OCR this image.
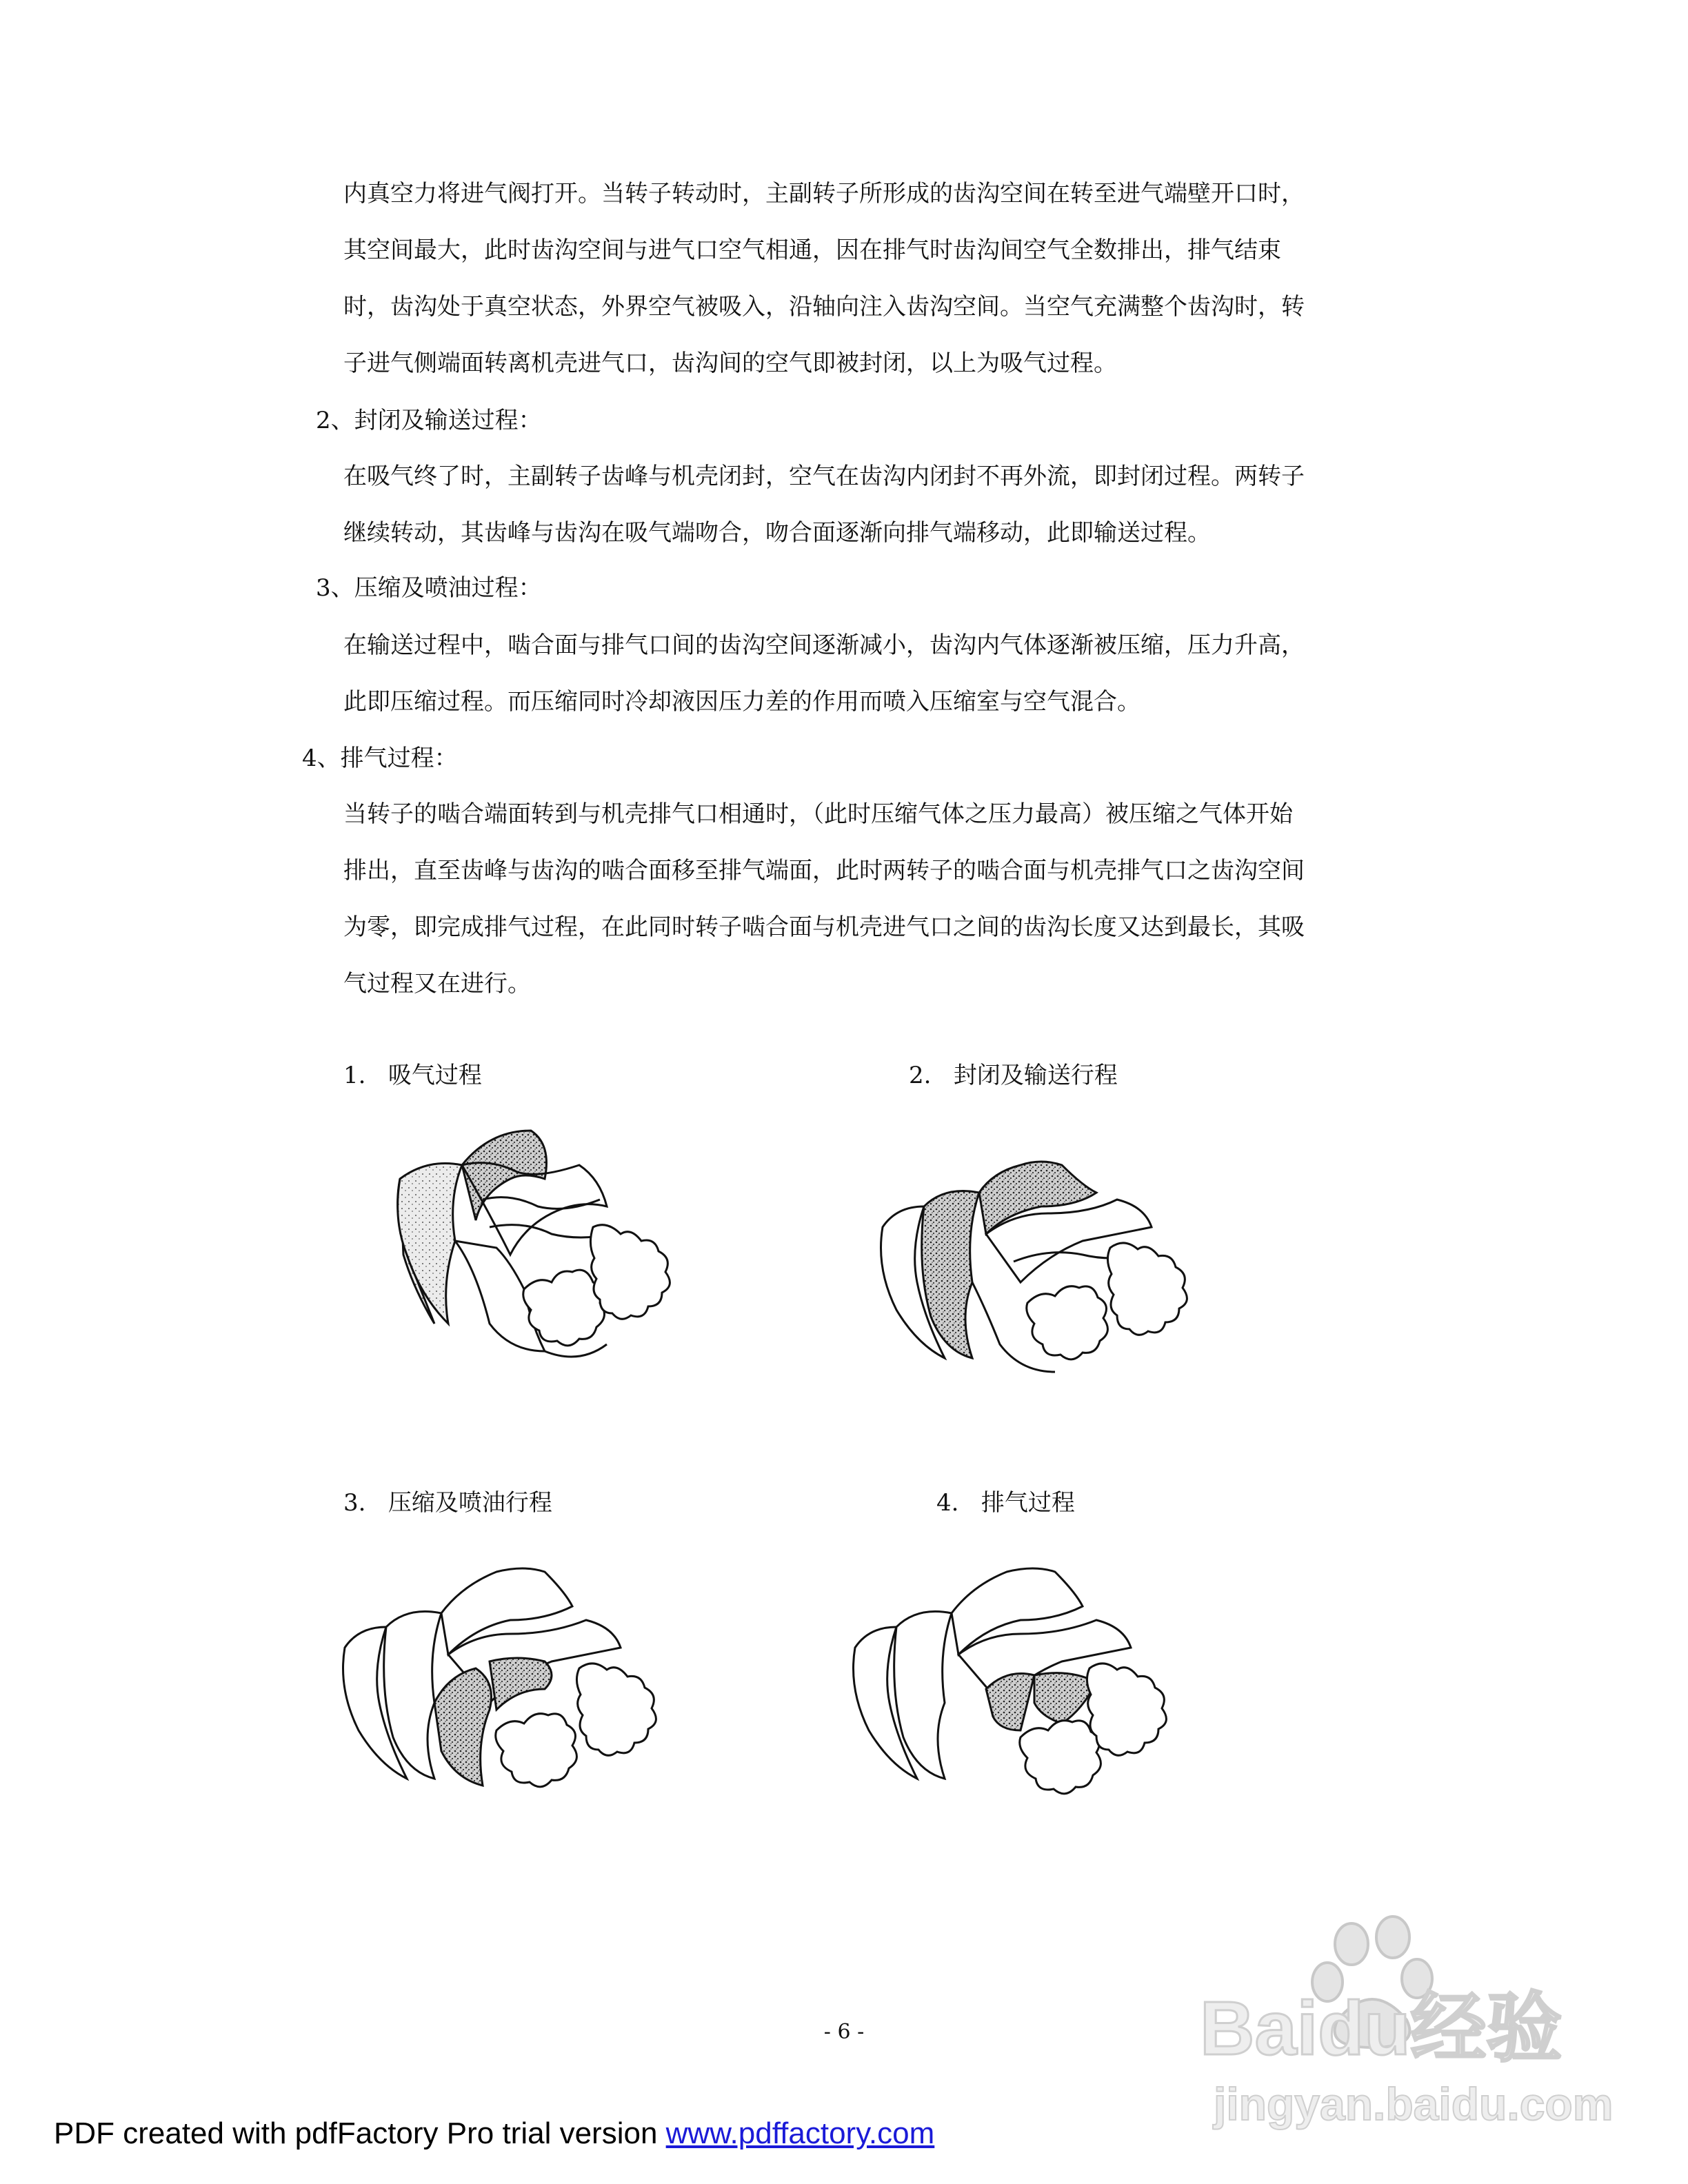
内真空力将进气阀打开。当转子转动时，主副转子所形成的齿沟空间在转至进气端壁开口时，
其空间最大，此时齿沟空间与进气口空气相通，因在排气时齿沟间空气全数排出，排气结束
时，齿沟处于真空状态，外界空气被吸入，沿轴向注入齿沟空间。当空气充满整个齿沟时，转
子进气侧端面转离机壳进气口，齿沟间的空气即被封闭，以上为吸气过程。
2、封闭及输送过程：
在吸气终了时，主副转子齿峰与机壳闭封，空气在齿沟内闭封不再外流，即封闭过程。两转子
继续转动，其齿峰与齿沟在吸气端吻合，吻合面逐渐向排气端移动，此即输送过程。
3、压缩及喷油过程：
在输送过程中，啮合面与排气口间的齿沟空间逐渐减小，齿沟内气体逐渐被压缩，压力升高，
此即压缩过程。而压缩同时冷却液因压力差的作用而喷入压缩室与空气混合。
4、排气过程：
当转子的啮合端面转到与机壳排气口相通时，（此时压缩气体之压力最高）被压缩之气体开始
排出，直至齿峰与齿沟的啮合面移至排气端面，此时两转子的啮合面与机壳排气口之齿沟空间
为零，即完成排气过程，在此同时转子啮合面与机壳进气口之间的齿沟长度又达到最长，其吸
气过程又在进行。
1. 吸气过程	2. 封闭及输送行程
3. 压缩及喷油行程	4. 排气过程
- 6 -	Baidu经验
jingyan.baidu.com
PDF created with pdfFactory Pro trial version www.pdffactory.com
